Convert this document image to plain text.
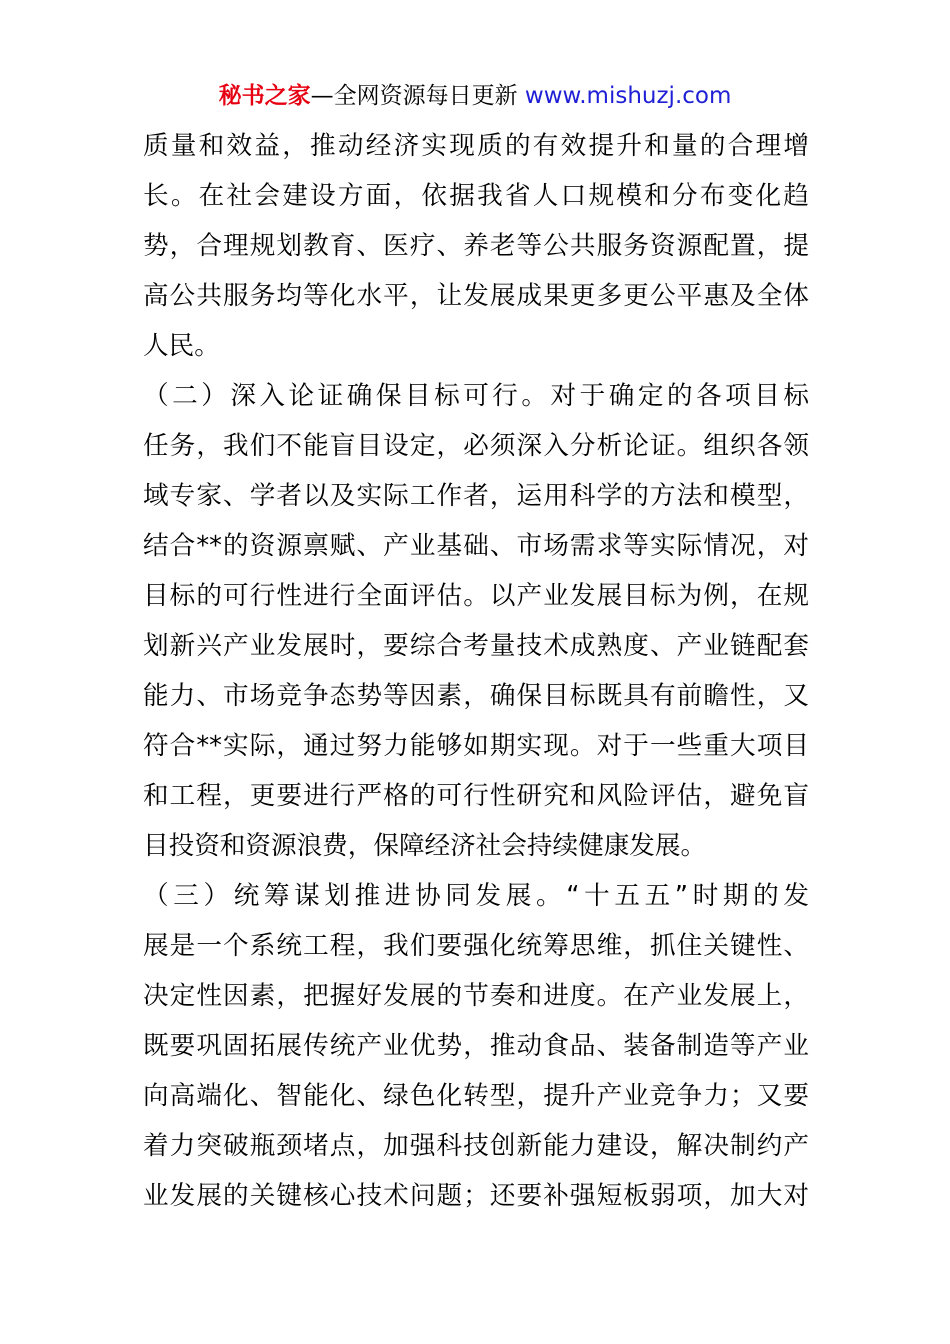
秘书之家—全网资源每日更新 www.mishuzj.com
质量和效益，推动经济实现质的有效提升和量的合理增
长。在社会建设方面，依据我省人口规模和分布变化趋
势，合理规划教育、医疗、养老等公共服务资源配置，提
高公共服务均等化水平，让发展成果更多更公平惠及全体
人民。
（二）深入论证确保目标可行。对于确定的各项目标
任务，我们不能盲目设定，必须深入分析论证。组织各领
域专家、学者以及实际工作者，运用科学的方法和模型，
结合**的资源禀赋、产业基础、市场需求等实际情况，对
目标的可行性进行全面评估。以产业发展目标为例，在规
划新兴产业发展时，要综合考量技术成熟度、产业链配套
能力、市场竞争态势等因素，确保目标既具有前瞻性，又
符合**实际，通过努力能够如期实现。对于一些重大项目
和工程，更要进行严格的可行性研究和风险评估，避免盲
目投资和资源浪费，保障经济社会持续健康发展。
（三）统筹谋划推进协同发展。“十五五”时期的发
展是一个系统工程，我们要强化统筹思维，抓住关键性、
决定性因素，把握好发展的节奏和进度。在产业发展上，
既要巩固拓展传统产业优势，推动食品、装备制造等产业
向高端化、智能化、绿色化转型，提升产业竞争力；又要
着力突破瓶颈堵点，加强科技创新能力建设，解决制约产
业发展的关键核心技术问题；还要补强短板弱项，加大对
